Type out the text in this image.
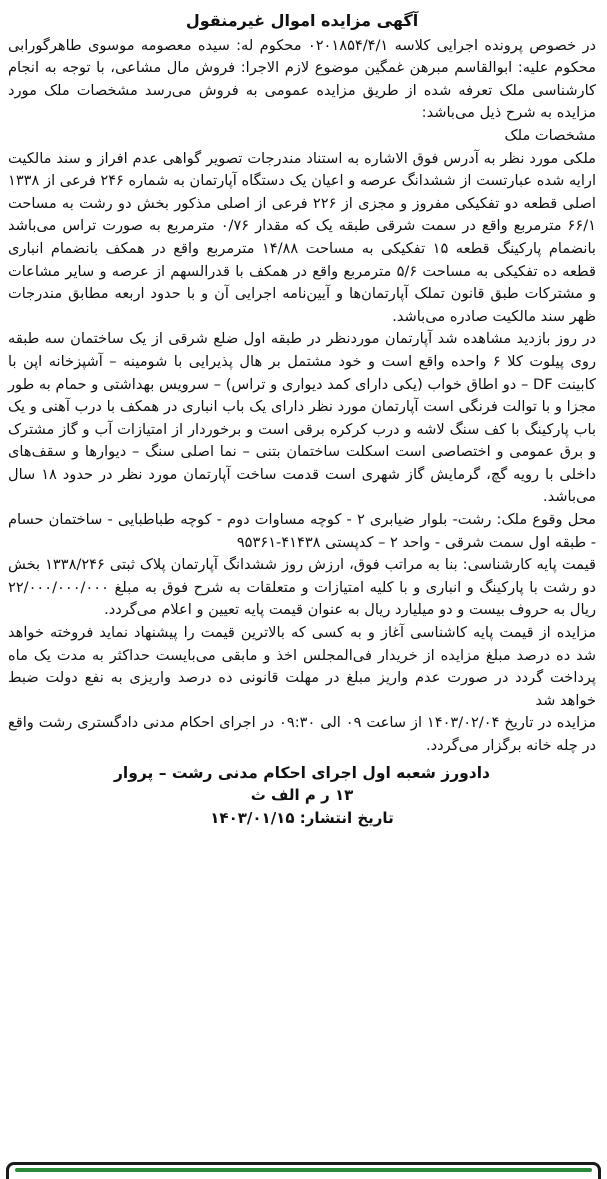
آگهی مزایده اموال غیرمنقول

در خصوص پرونده اجرایی کلاسه ۰۲۰۱۸۵۴/۴/۱ محکوم له: سیده معصومه موسوی طاهرگورابی محکوم علیه: ابوالقاسم مبرهن غمگین موضوع لازم الاجرا: فروش مال مشاعی، با توجه به انجام کارشناسی ملک تعرفه شده از طریق مزایده عمومی به فروش می‌رسد مشخصات ملک مورد مزایده به شرح ذیل می‌باشد:

مشخصات ملک

ملکی مورد نظر به آدرس فوق الاشاره به استناد مندرجات تصویر گواهی عدم افراز و سند مالکیت ارایه شده عبارتست از ششدانگ عرصه و اعیان یک دستگاه آپارتمان به شماره ۲۴۶ فرعی از ۱۳۳۸ اصلی قطعه دو تفکیکی مفروز و مجزی از ۲۲۶ فرعی از اصلی مذکور بخش دو رشت به مساحت ۶۶/۱ مترمربع واقع در سمت شرقی طبقه یک که مقدار ۰/۷۶ مترمربع به صورت تراس می‌باشد بانضمام پارکینگ قطعه ۱۵ تفکیکی به مساحت ۱۴/۸۸ مترمربع واقع در همکف بانضمام انباری قطعه ده تفکیکی به مساحت ۵/۶ مترمربع واقع در همکف با قدرالسهم از عرصه و سایر مشاعات و مشترکات طبق قانون تملک آپارتمان‌ها و آیین‌نامه اجرایی آن و با حدود اربعه مطابق مندرجات ظهر سند مالکیت صادره می‌باشد.

در روز بازدید مشاهده شد آپارتمان مورد‌نظر در طبقه اول ضلع شرقی از یک ساختمان سه طبقه روی پیلوت کلا ۶ واحده واقع است و خود مشتمل بر هال پذیرایی با شومینه – آشپزخانه اپن با کابینت DF – دو اطاق خواب (یکی دارای کمد دیواری و تراس) – سرویس بهداشتی و حمام به طور مجزا و با توالت فرنگی است آپارتمان مورد نظر دارای یک باب انباری در همکف با درب آهنی و یک باب پارکینگ با کف سنگ لاشه و درب کرکره برقی است و برخوردار از امتیازات آب و گاز مشترک و برق عمومی و اختصاصی است اسکلت ساختمان بتنی – نما اصلی سنگ – دیوارها و سقف‌های داخلی با رویه گچ، گرمایش گاز شهری است قدمت ساخت آپارتمان مورد نظر در حدود ۱۸ سال می‌باشد.

محل وقوع ملک: رشت- بلوار ضیابری ۲ - کوچه مساوات دوم - کوچه طباطبایی - ساختمان حسام - طبقه اول سمت شرقی - واحد ۲ – کدپستی ۴۱۴۳۸-۹۵۳۶۱

قیمت پایه کارشناسی: بنا به مراتب فوق، ارزش روز ششدانگ آپارتمان پلاک ثبتی ۱۳۳۸/۲۴۶ بخش دو رشت با پارکینگ و انباری و با کلیه امتیازات و متعلقات به شرح فوق به مبلغ ۲۲/۰۰۰/۰۰۰/۰۰۰ ریال به حروف بیست و دو میلیارد ریال به عنوان قیمت پایه تعیین و اعلام می‌گردد.

مزایده از قیمت پایه کاشناسی آغاز و به کسی که بالاترین قیمت را پیشنهاد نماید فروخته خواهد شد ده درصد مبلغ مزایده از خریدار فی‌المجلس اخذ و مابقی می‌بایست حداکثر به مدت یک ماه پرداخت گردد در صورت عدم واریز مبلغ در مهلت قانونی ده درصد واریزی به نفع دولت ضبط خواهد شد

مزایده در تاریخ ۱۴۰۳/۰۲/۰۴ از ساعت ۰۹ الی ۰۹:۳۰ در اجرای احکام مدنی دادگستری رشت واقع در چله خانه برگزار می‌گردد.

دادورز شعبه اول اجرای احکام مدنی رشت – پروار

۱۳ ر م الف ث

تاریخ انتشار: ۱۴۰۳/۰۱/۱۵
